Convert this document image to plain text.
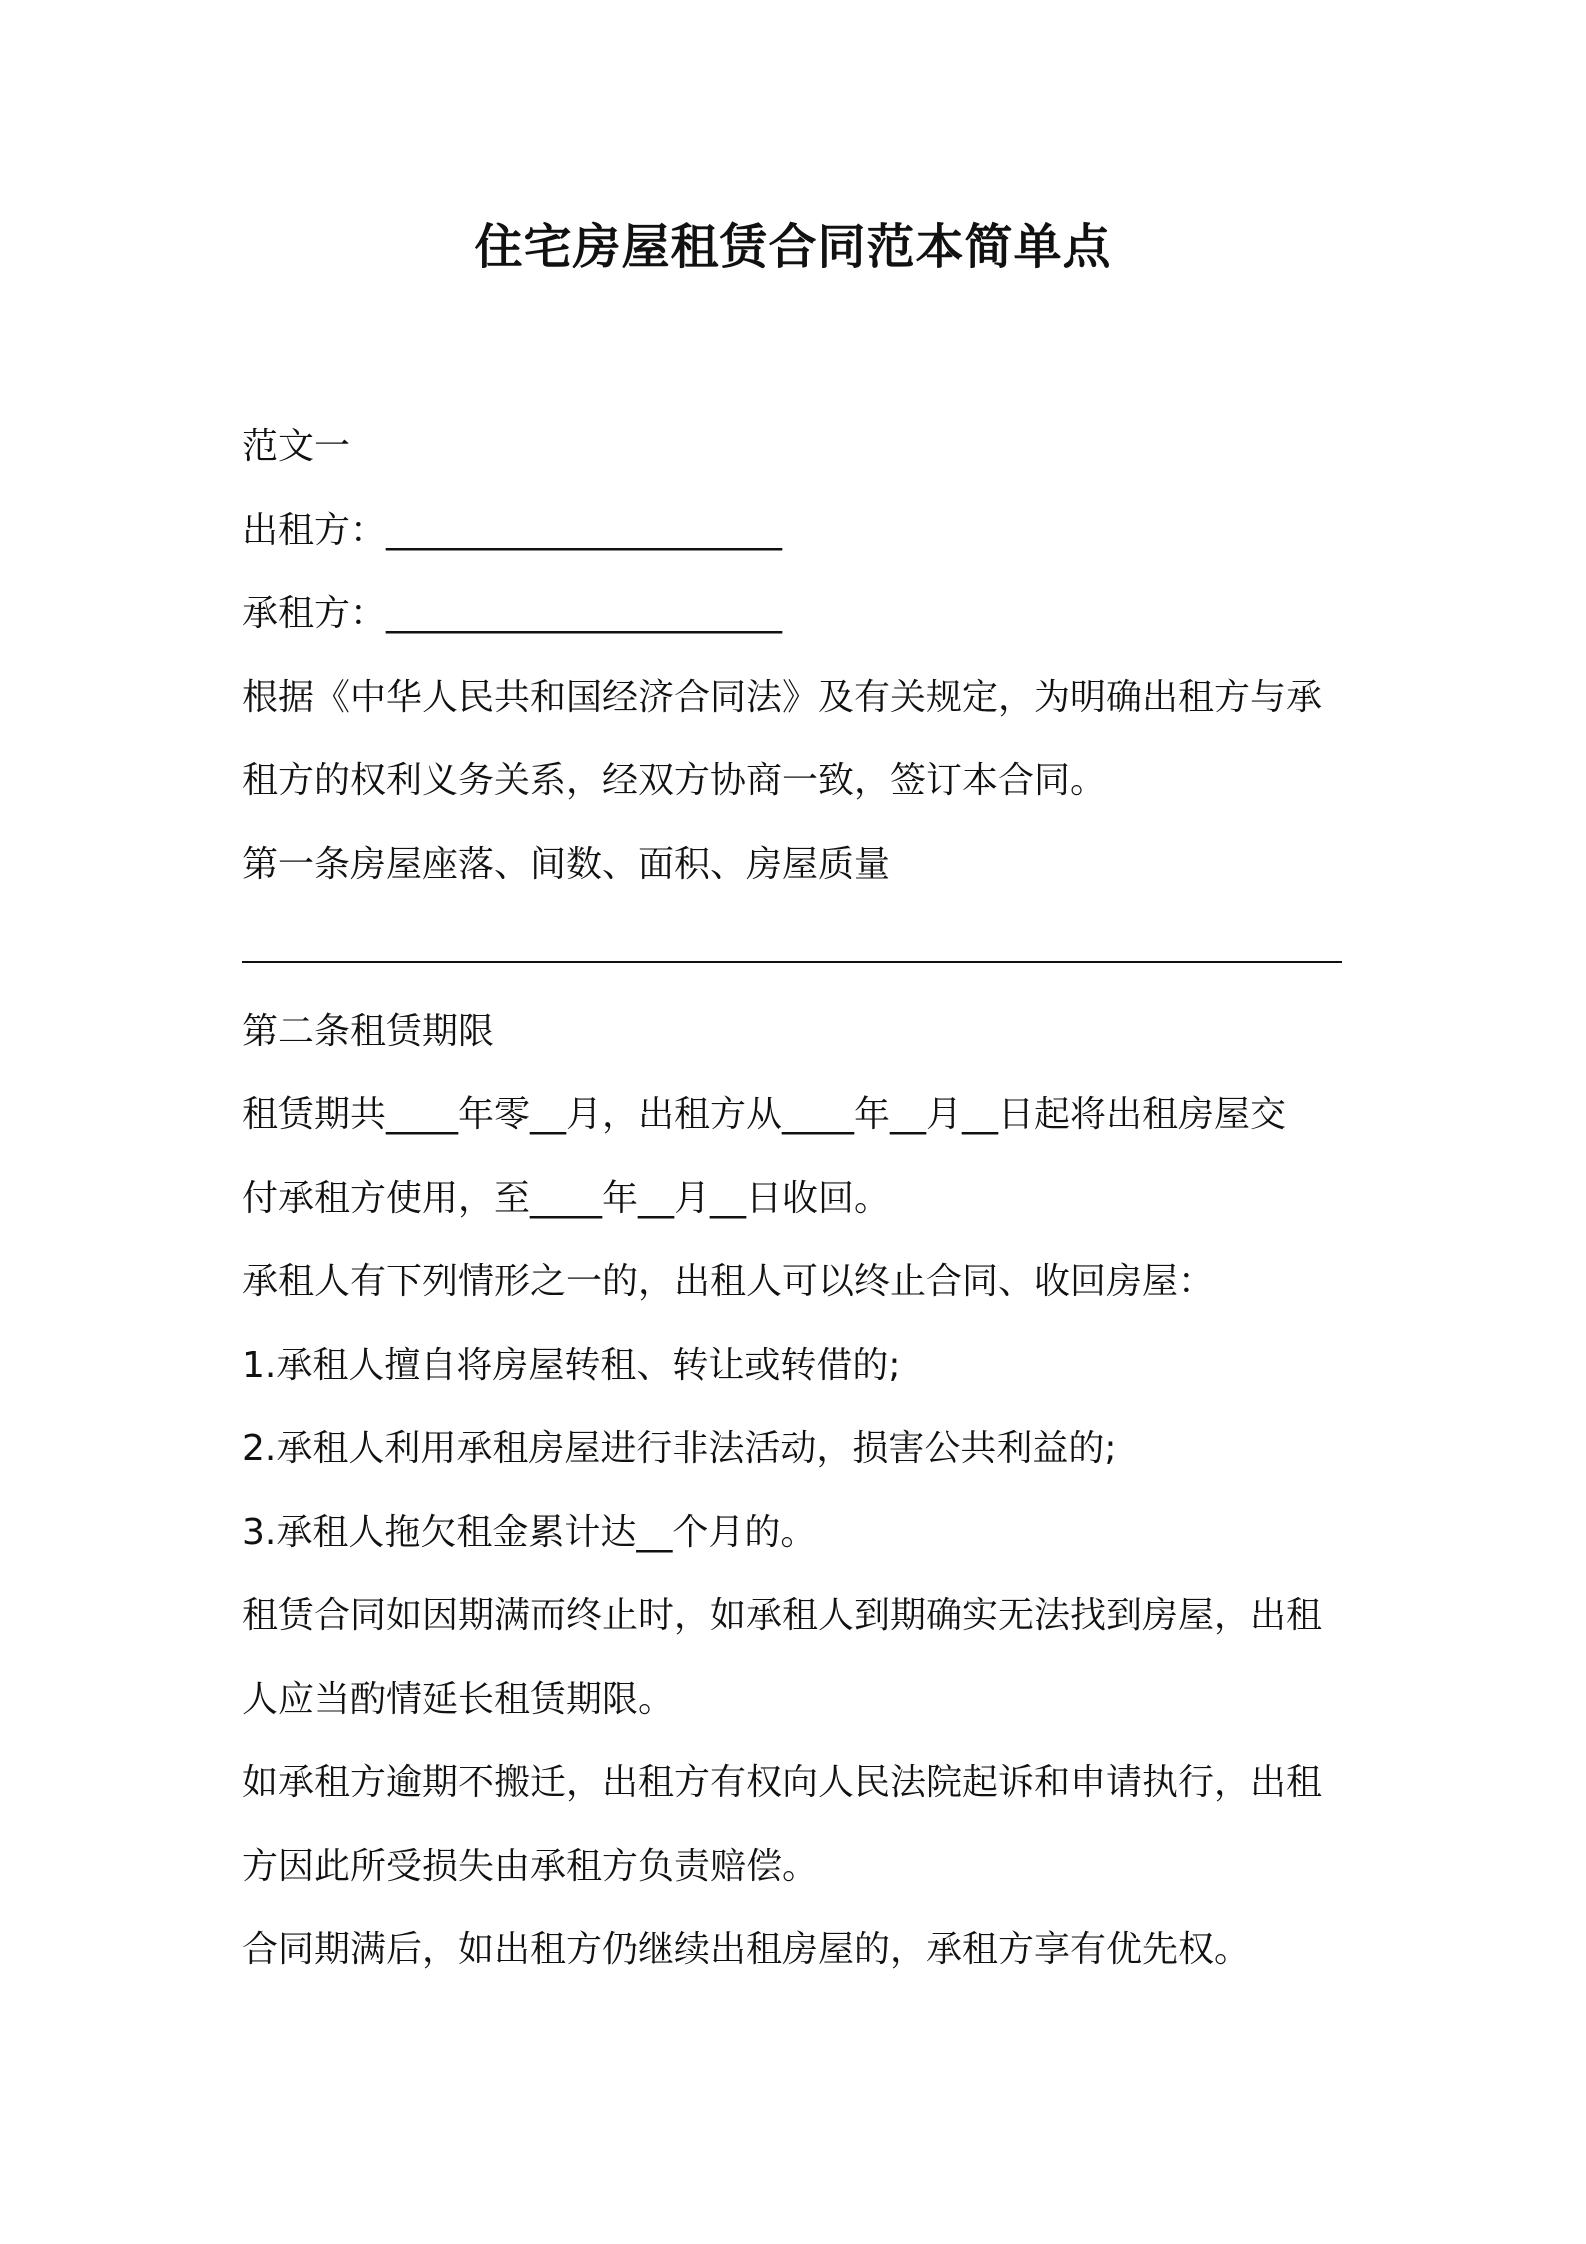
住宅房屋租赁合同范本简单点

范文一

出租方：______________________

承租方：______________________

根据《中华人民共和国经济合同法》及有关规定，为明确出租方与承

租方的权利义务关系，经双方协商一致，签订本合同。

第一条房屋座落、间数、面积、房屋质量

第二条租赁期限

租赁期共____年零__月，出租方从____年__月__日起将出租房屋交

付承租方使用，至____年__月__日收回。

承租人有下列情形之一的，出租人可以终止合同、收回房屋：

1.承租人擅自将房屋转租、转让或转借的;

2.承租人利用承租房屋进行非法活动，损害公共利益的;

3.承租人拖欠租金累计达__个月的。

租赁合同如因期满而终止时，如承租人到期确实无法找到房屋，出租

人应当酌情延长租赁期限。

如承租方逾期不搬迁，出租方有权向人民法院起诉和申请执行，出租

方因此所受损失由承租方负责赔偿。

合同期满后，如出租方仍继续出租房屋的，承租方享有优先权。
